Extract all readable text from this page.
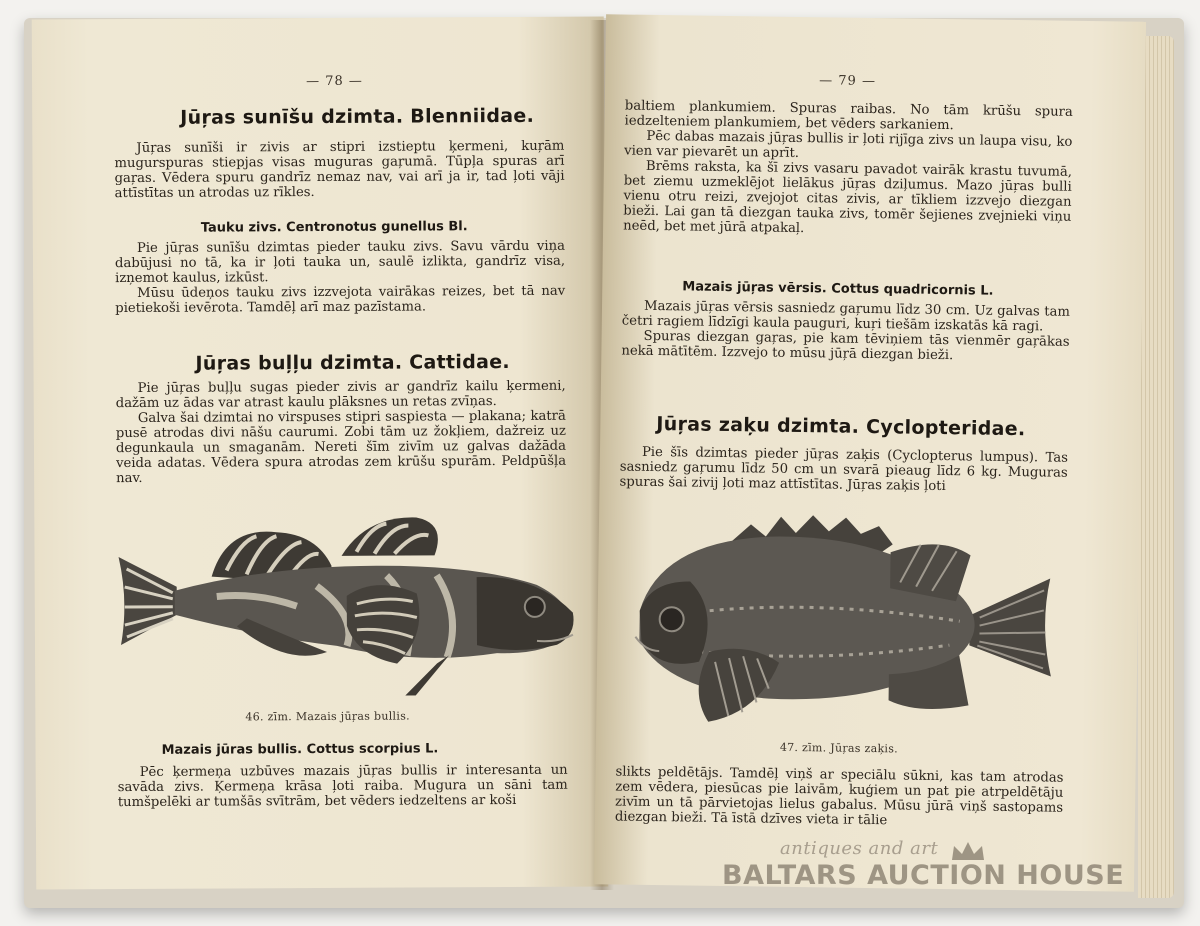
— 78 —
Jūŗas sunīšu dzimta. Blenniidae.

Jūŗas sunīši ir zivis ar stipri izstieptu ķermeni, kuŗām mugurspuras stiepjas visas muguras gaŗumā. Tūpļa spuras arī gaŗas. Vēdera spuru gandrīz nemaz nav, vai arī ja ir, tad ļoti vāji attīstītas un atrodas uz rīkles.

Tauku zivs. Centronotus gunellus Bl.

Pie jūŗas sunīšu dzimtas pieder tauku zivs. Savu vārdu viņa dabūjusi no tā, ka ir ļoti tauka un, saulē izlikta, gandrīz visa, izņemot kaulus, izkūst.

Mūsu ūdeņos tauku zivs izzvejota vairākas reizes, bet tā nav pietiekoši ievērota. Tamdēļ arī maz pazīstama.

Jūŗas buļļu dzimta. Cattidae.

Pie jūŗas buļļu sugas pieder zivis ar gandrīz kailu ķermeni, dažām uz ādas var atrast kaulu plāksnes un retas zvīņas.

Galva šai dzimtai no virspuses stipri saspiesta — plakana; katrā pusē atrodas divi nāšu caurumi. Zobi tām uz žokļiem, dažreiz uz degunkaula un smaganām. Nereti šīm zivīm uz galvas dažāda veida adatas. Vēdera spura atrodas zem krūšu spurām. Peldpūšļa nav.

46. zīm. Mazais jūŗas bullis.
Mazais jūras bullis. Cottus scorpius L.

Pēc ķermeņa uzbūves mazais jūŗas bullis ir interesanta un savāda zivs. Ķermeņa krāsa ļoti raiba. Mugura un sāni tam tumšpelēki ar tumšās svītrām, bet vēders iedzeltens ar koši

— 79 —

baltiem plankumiem. Spuras raibas. No tām krūšu spura iedzelteniem plankumiem, bet vēders sarkaniem.

Pēc dabas mazais jūŗas bullis ir ļoti rijīga zivs un laupa visu, ko vien var pievarēt un aprīt.

Brēms raksta, ka šī zivs vasaru pavadot vairāk krastu tuvumā, bet ziemu uzmeklējot lielākus jūŗas dziļumus. Mazo jūŗas bulli vienu otru reizi, zvejojot citas zivis, ar tīkliem izzvejo diezgan bieži. Lai gan tā diezgan tauka zivs, tomēr šejienes zvejnieki viņu neēd, bet met jūrā atpakaļ.

Mazais jūŗas vērsis. Cottus quadricornis L.

Mazais jūŗas vērsis sasniedz gaŗumu līdz 30 cm. Uz galvas tam četri ragiem līdzīgi kaula pauguri, kuŗi tiešām izskatās kā ragi.

Spuras diezgan gaŗas, pie kam tēviņiem tās vienmēr gaŗākas nekā mātītēm. Izzvejo to mūsu jūŗā diezgan bieži.

Jūŗas zaķu dzimta. Cyclopteridae.

Pie šīs dzimtas pieder jūŗas zaķis (Cyclopterus lumpus). Tas sasniedz gaŗumu līdz 50 cm un svarā pieaug līdz 6 kg. Muguras spuras šai zivij ļoti maz attīstītas. Jūŗas zaķis ļoti

47. zīm. Jūŗas zaķis.

slikts peldētājs. Tamdēļ viņš ar speciālu sūkni, kas tam atrodas zem vēdera, piesūcas pie laivām, kuģiem un pat pie atrpeldētāju zivīm un tā pārvietojas lielus gabalus. Mūsu jūrā viņš sastopams diezgan bieži. Tā īstā dzīves vieta ir tālie

antiques and art
BALTARS AUCTION HOUSE
